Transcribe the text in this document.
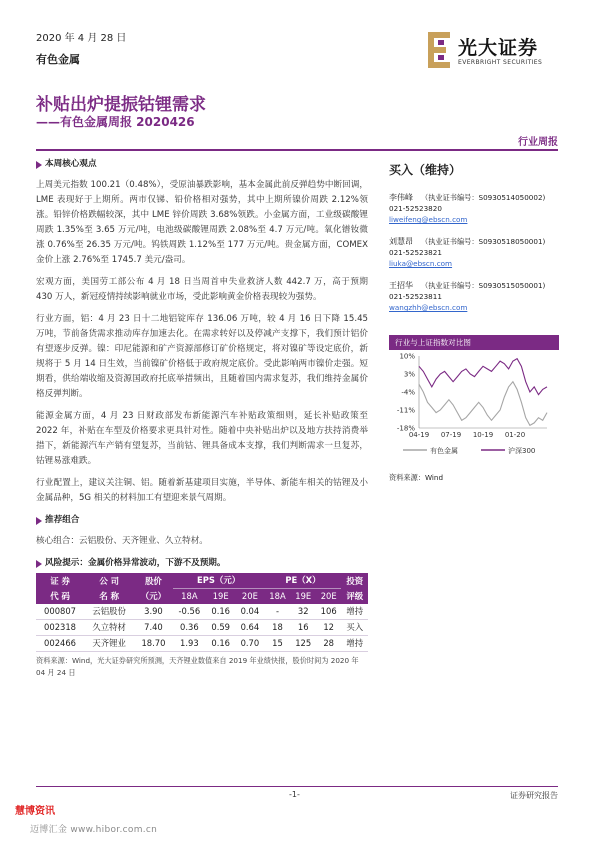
2020 年 4 月 28 日
有色金属
光大证券
EVERBRIGHT SECURITIES
补贴出炉提振钴锂需求
——有色金属周报 2020426
行业周报
本周核心观点

上周美元指数 100.21（0.48%），受原油暴跌影响，基本金属此前反弹趋势中断回调，LME 表现好于上期所。两市仅锑、铅价格相对强势，其中上期所镍价周跌 2.12%领涨。铅锌价格跌幅较深，其中 LME 锌价周跌 3.68%领跌。小金属方面，工业级碳酸锂周跌 1.35%至 3.65 万元/吨，电池级碳酸锂周跌 2.08%至 4.7 万元/吨。氧化镨钕微涨 0.76%至 26.35 万元/吨。钨铁周跌 1.12%至 177 万元/吨。贵金属方面，COMEX 金价上涨 2.76%至 1745.7 美元/盎司。

宏观方面，美国劳工部公布 4 月 18 日当周首申失业救济人数 442.7 万，高于预期 430 万人，新冠疫情持续影响就业市场，受此影响黄金价格表现较为强势。

行业方面，铝：4 月 23 日十二地铝锭库存 136.06 万吨，较 4 月 16 日下降 15.45 万吨，节前备货需求推动库存加速去化。在需求转好以及停减产支撑下，我们预计铝价有望逐步反弹。镍：印尼能源和矿产资源部修订矿价格规定，将对镍矿等设定底价，新规将于 5 月 14 日生效，当前镍矿价格低于政府规定底价。受此影响两市镍价走强。短期看，供给端收缩及资源国政府托底举措频出，且随着国内需求复苏，我们维持金属价格反弹判断。

能源金属方面，4 月 23 日财政部发布新能源汽车补贴政策细则，延长补贴政策至 2022 年，补贴在车型及价格要求更具针对性。随着中央补贴出炉以及地方扶持消费举措下，新能源汽车产销有望复苏，当前钴、锂具备成本支撑，我们判断需求一旦复苏，钴锂易涨难跌。

行业配置上，建议关注铜、铝。随着新基建项目实施，半导体、新能车相关的钴锂及小金属品种，5G 相关的材料加工有望迎来景气周期。

推荐组合

核心组合：云铝股份、天齐锂业、久立特材。

风险提示：金属价格异常波动，下游不及预期。
证 券
代 码	公 司
名 称	股价
（元）	EPS（元）			PE（X）			投资
评级
			18A	19E	20E	18A	19E	20E	
000807	云铝股份	3.90	-0.56	0.16	0.04	-	32	106	增持
002318	久立特材	7.40	0.36	0.59	0.64	18	16	12	买入
002466	天齐锂业	18.70	1.93	0.16	0.70	15	125	28	增持
资料来源：Wind，光大证券研究所预测，天齐锂业数值来自 2019 年业绩快报，股价时间为 2020 年 04 月 24 日
买入（维持）
李伟峰 （执业证书编号：S0930514050002)
021-52523820
liweifeng@ebscn.com
刘慧昂 （执业证书编号：S0930518050001)
021-52523821
liuka@ebscn.com
王招华 （执业证书编号：S0930515050001)
021-52523811
wangzhh@ebscn.com
行业与上证指数对比图
10%
3%
-4%
-11%
-18%
04-19 07-19 10-19 01-20
有色金属	沪深300
资料来源：Wind
-1-	证券研究报告
慧博资讯
迈博汇金 www.hibor.com.cn
